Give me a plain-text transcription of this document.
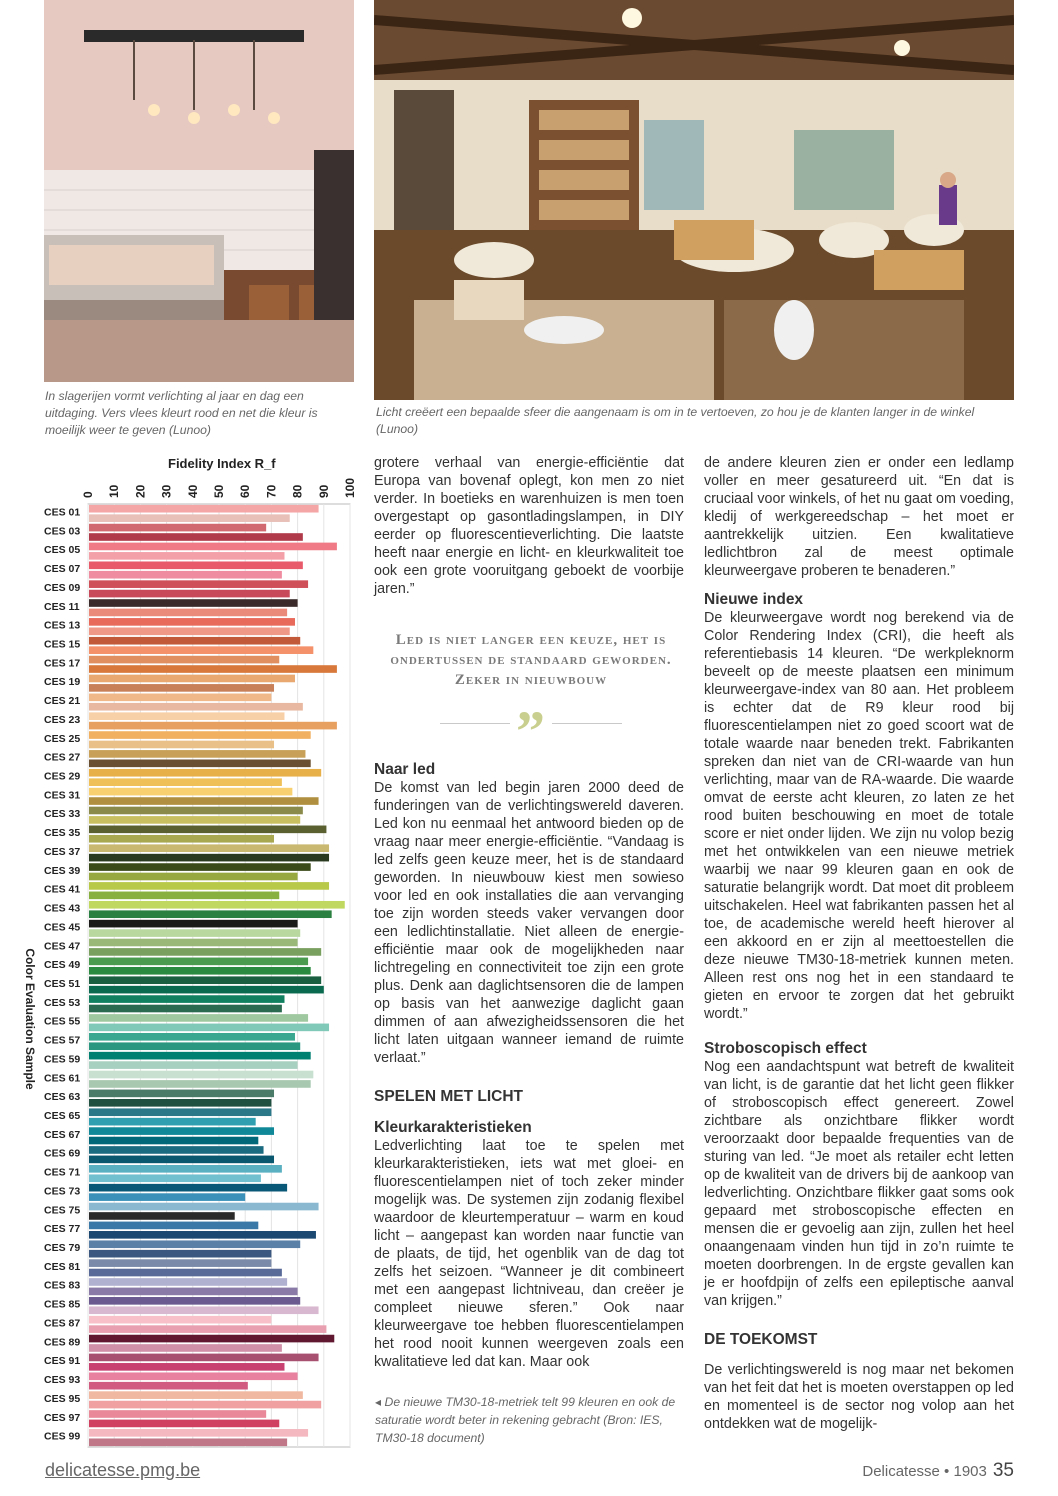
In slagerijen vormt verlichting al jaar en dag een uitdaging. Vers vlees kleurt rood en net die kleur is moeilijk weer te geven (Lunoo)
Licht creëert een bepaalde sfeer die aangenaam is om in te vertoeven, zo hou je de klanten langer in de winkel (Lunoo)
Fidelity Index R_f
Color Evaluation Sample
0 10 20 30 40 50 60 70 80 90 100
CES 01
CES 03
CES 05
CES 07
CES 09
CES 11
CES 13
CES 15
CES 17
CES 19
CES 21
CES 23
CES 25
CES 27
CES 29
CES 31
CES 33
CES 35
CES 37
CES 39
CES 41
CES 43
CES 45
CES 47
CES 49
CES 51
CES 53
CES 55
CES 57
CES 59
CES 61
CES 63
CES 65
CES 67
CES 69
CES 71
CES 73
CES 75
CES 77
CES 79
CES 81
CES 83
CES 85
CES 87
CES 89
CES 91
CES 93
CES 95
CES 97
CES 99

grotere verhaal van energie-efficiëntie dat Europa van bovenaf oplegt, kon men zo niet verder. In boetieks en warenhuizen is men toen overgestapt op gasontladingslampen, in DIY eerder op fluorescentieverlichting. Die laatste heeft naar energie en licht- en kleurkwaliteit toe ook een grote vooruitgang geboekt de voorbije jaren.”

Led is niet langer een keuze, het is ondertussen de standaard geworden. Zeker in nieuwbouw
”
Naar led

De komst van led begin jaren 2000 deed de funderingen van de verlichtingswereld daveren. Led kon nu eenmaal het antwoord bieden op de vraag naar meer energie-efficiëntie. “Vandaag is led zelfs geen keuze meer, het is de standaard geworden. In nieuwbouw kiest men sowieso voor led en ook installaties die aan vervanging toe zijn worden steeds vaker vervangen door een ledlichtinstallatie. Niet alleen de energie-efficiëntie maar ook de mogelijkheden naar lichtregeling en connectiviteit toe zijn een grote plus. Denk aan daglichtsensoren die de lampen op basis van het aanwezige daglicht gaan dimmen of aan afwezigheidssensoren die het licht laten uitgaan wanneer iemand de ruimte verlaat.”

SPELEN MET LICHT
Kleurkarakteristieken

Ledverlichting laat toe te spelen met kleurkarakteristieken, iets wat met gloei- en fluorescentielampen niet of toch zeker minder mogelijk was. De systemen zijn zodanig flexibel waardoor de kleurtemperatuur – warm en koud licht – aangepast kan worden naar functie van de plaats, de tijd, het ogenblik van de dag tot zelfs het seizoen. “Wanneer je dit combineert met een aangepast lichtniveau, dan creëer je compleet nieuwe sferen.” Ook naar kleurweergave toe hebben fluorescentielampen het rood nooit kunnen weergeven zoals een kwalitatieve led dat kan. Maar ook

◂ De nieuwe TM30-18-metriek telt 99 kleuren en ook de saturatie wordt beter in rekening gebracht (Bron: IES, TM30-18 document)

de andere kleuren zien er onder een ledlamp voller en meer gesatureerd uit. “En dat is cruciaal voor winkels, of het nu gaat om voeding, kledij of werkgereedschap – het moet er aantrekkelijk uitzien. Een kwalitatieve ledlichtbron zal de meest optimale kleurweergave proberen te benaderen.”

Nieuwe index

De kleurweergave wordt nog berekend via de Color Rendering Index (CRI), die heeft als referentiebasis 14 kleuren. “De werkpleknorm beveelt op de meeste plaatsen een minimum kleurweergave-index van 80 aan. Het probleem is echter dat de R9 kleur rood bij fluorescentielampen niet zo goed scoort wat de totale waarde naar beneden trekt. Fabrikanten spreken dan niet van de CRI-waarde van hun verlichting, maar van de RA-waarde. Die waarde omvat de eerste acht kleuren, zo laten ze het rood buiten beschouwing en moet de totale score er niet onder lijden. We zijn nu volop bezig met het ontwikkelen van een nieuwe metriek waarbij we naar 99 kleuren gaan en ook de saturatie belangrijk wordt. Dat moet dit probleem uitschakelen. Heel wat fabrikanten passen het al toe, de academische wereld heeft hierover al een akkoord en er zijn al meettoestellen die deze nieuwe TM30-18-metriek kunnen meten. Alleen rest ons nog het in een standaard te gieten en ervoor te zorgen dat het gebruikt wordt.”

Stroboscopisch effect

Nog een aandachtspunt wat betreft de kwaliteit van licht, is de garantie dat het licht geen flikker of stroboscopisch effect genereert. Zowel zichtbare als onzichtbare flikker wordt veroorzaakt door bepaalde frequenties van de sturing van led. “Je moet als retailer echt letten op de kwaliteit van de drivers bij de aankoop van ledverlichting. Onzichtbare flikker gaat soms ook gepaard met stroboscopische effecten en mensen die er gevoelig aan zijn, zullen het heel onaangenaam vinden hun tijd in zo’n ruimte te moeten doorbrengen. In de ergste gevallen kan je er hoofdpijn of zelfs een epileptische aanval van krijgen.”

DE TOEKOMST

De verlichtingswereld is nog maar net bekomen van het feit dat het is moeten overstappen op led en momenteel is de sector nog volop aan het ontdekken wat de mogelijk-

delicatesse.pmg.be	Delicatesse • 1903 35
